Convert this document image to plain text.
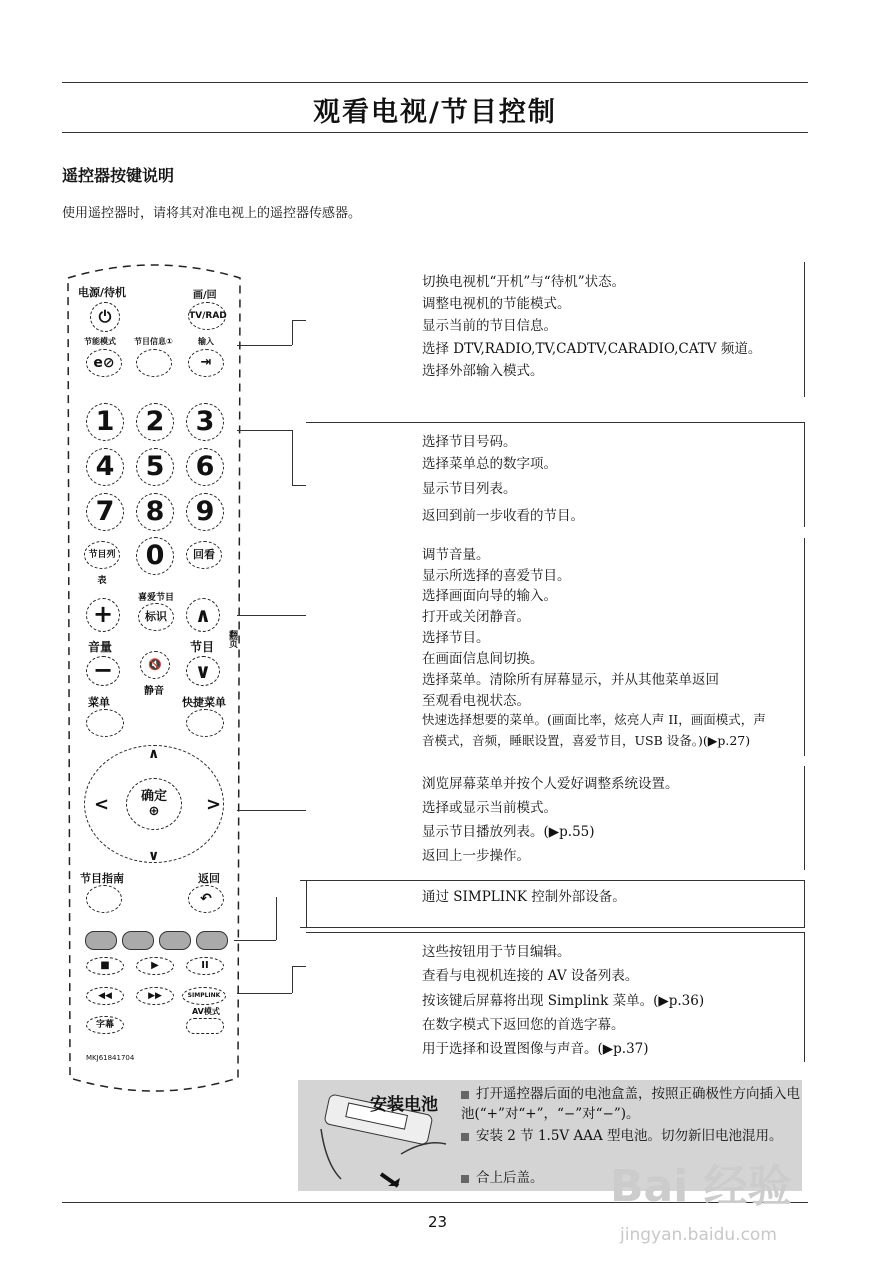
观看电视/节目控制
遥控器按键说明
使用遥控器时，请将其对准电视上的遥控器传感器。
电源/待机
⏻
画/回
TV/RAD
节能模式
e⊘
节目信息①	输入
⇥
1	2	3
4	5	6
7	8	9
节目列表
0	回看
喜爱节目
标识
+
音量
−
∧
节目
∨
翻页
🔇
静音
菜单	快捷菜单
∧
∨
<	>
确定
⊕
节目指南	返回
↶
■	▶	II
◀◀	▶▶	SIMPLINK
字幕
AV模式
MKJ61841704
切换电视机“开机”与“待机”状态。
调整电视机的节能模式。
显示当前的节目信息。
选择 DTV,RADIO,TV,CADTV,CARADIO,CATV 频道。
选择外部输入模式。
选择节目号码。
选择菜单总的数字项。
显示节目列表。
返回到前一步收看的节目。
调节音量。
显示所选择的喜爱节目。
选择画面向导的输入。
打开或关闭静音。
选择节目。
在画面信息间切换。
选择菜单。清除所有屏幕显示，并从其他菜单返回
至观看电视状态。
快速选择想要的菜单。(画面比率，炫亮人声 II，画面模式，声
音模式，音频，睡眠设置，喜爱节目，USB 设备。)(▶p.27)
浏览屏幕菜单并按个人爱好调整系统设置。
选择或显示当前模式。
显示节目播放列表。(▶p.55)
返回上一步操作。
通过 SIMPLINK 控制外部设备。
这些按钮用于节目编辑。
查看与电视机连接的 AV 设备列表。
按该键后屏幕将出现 Simplink 菜单。(▶p.36)
在数字模式下返回您的首选字幕。
用于选择和设置图像与声音。(▶p.37)
安装电池
打开遥控器后面的电池盒盖，按照正确极性方向插入电池(“+”对“+”，“−”对“−”)。
安装 2 节 1.5V AAA 型电池。切勿新旧电池混用。
合上后盖。
23
Bai 经验
jingyan.baidu.com
